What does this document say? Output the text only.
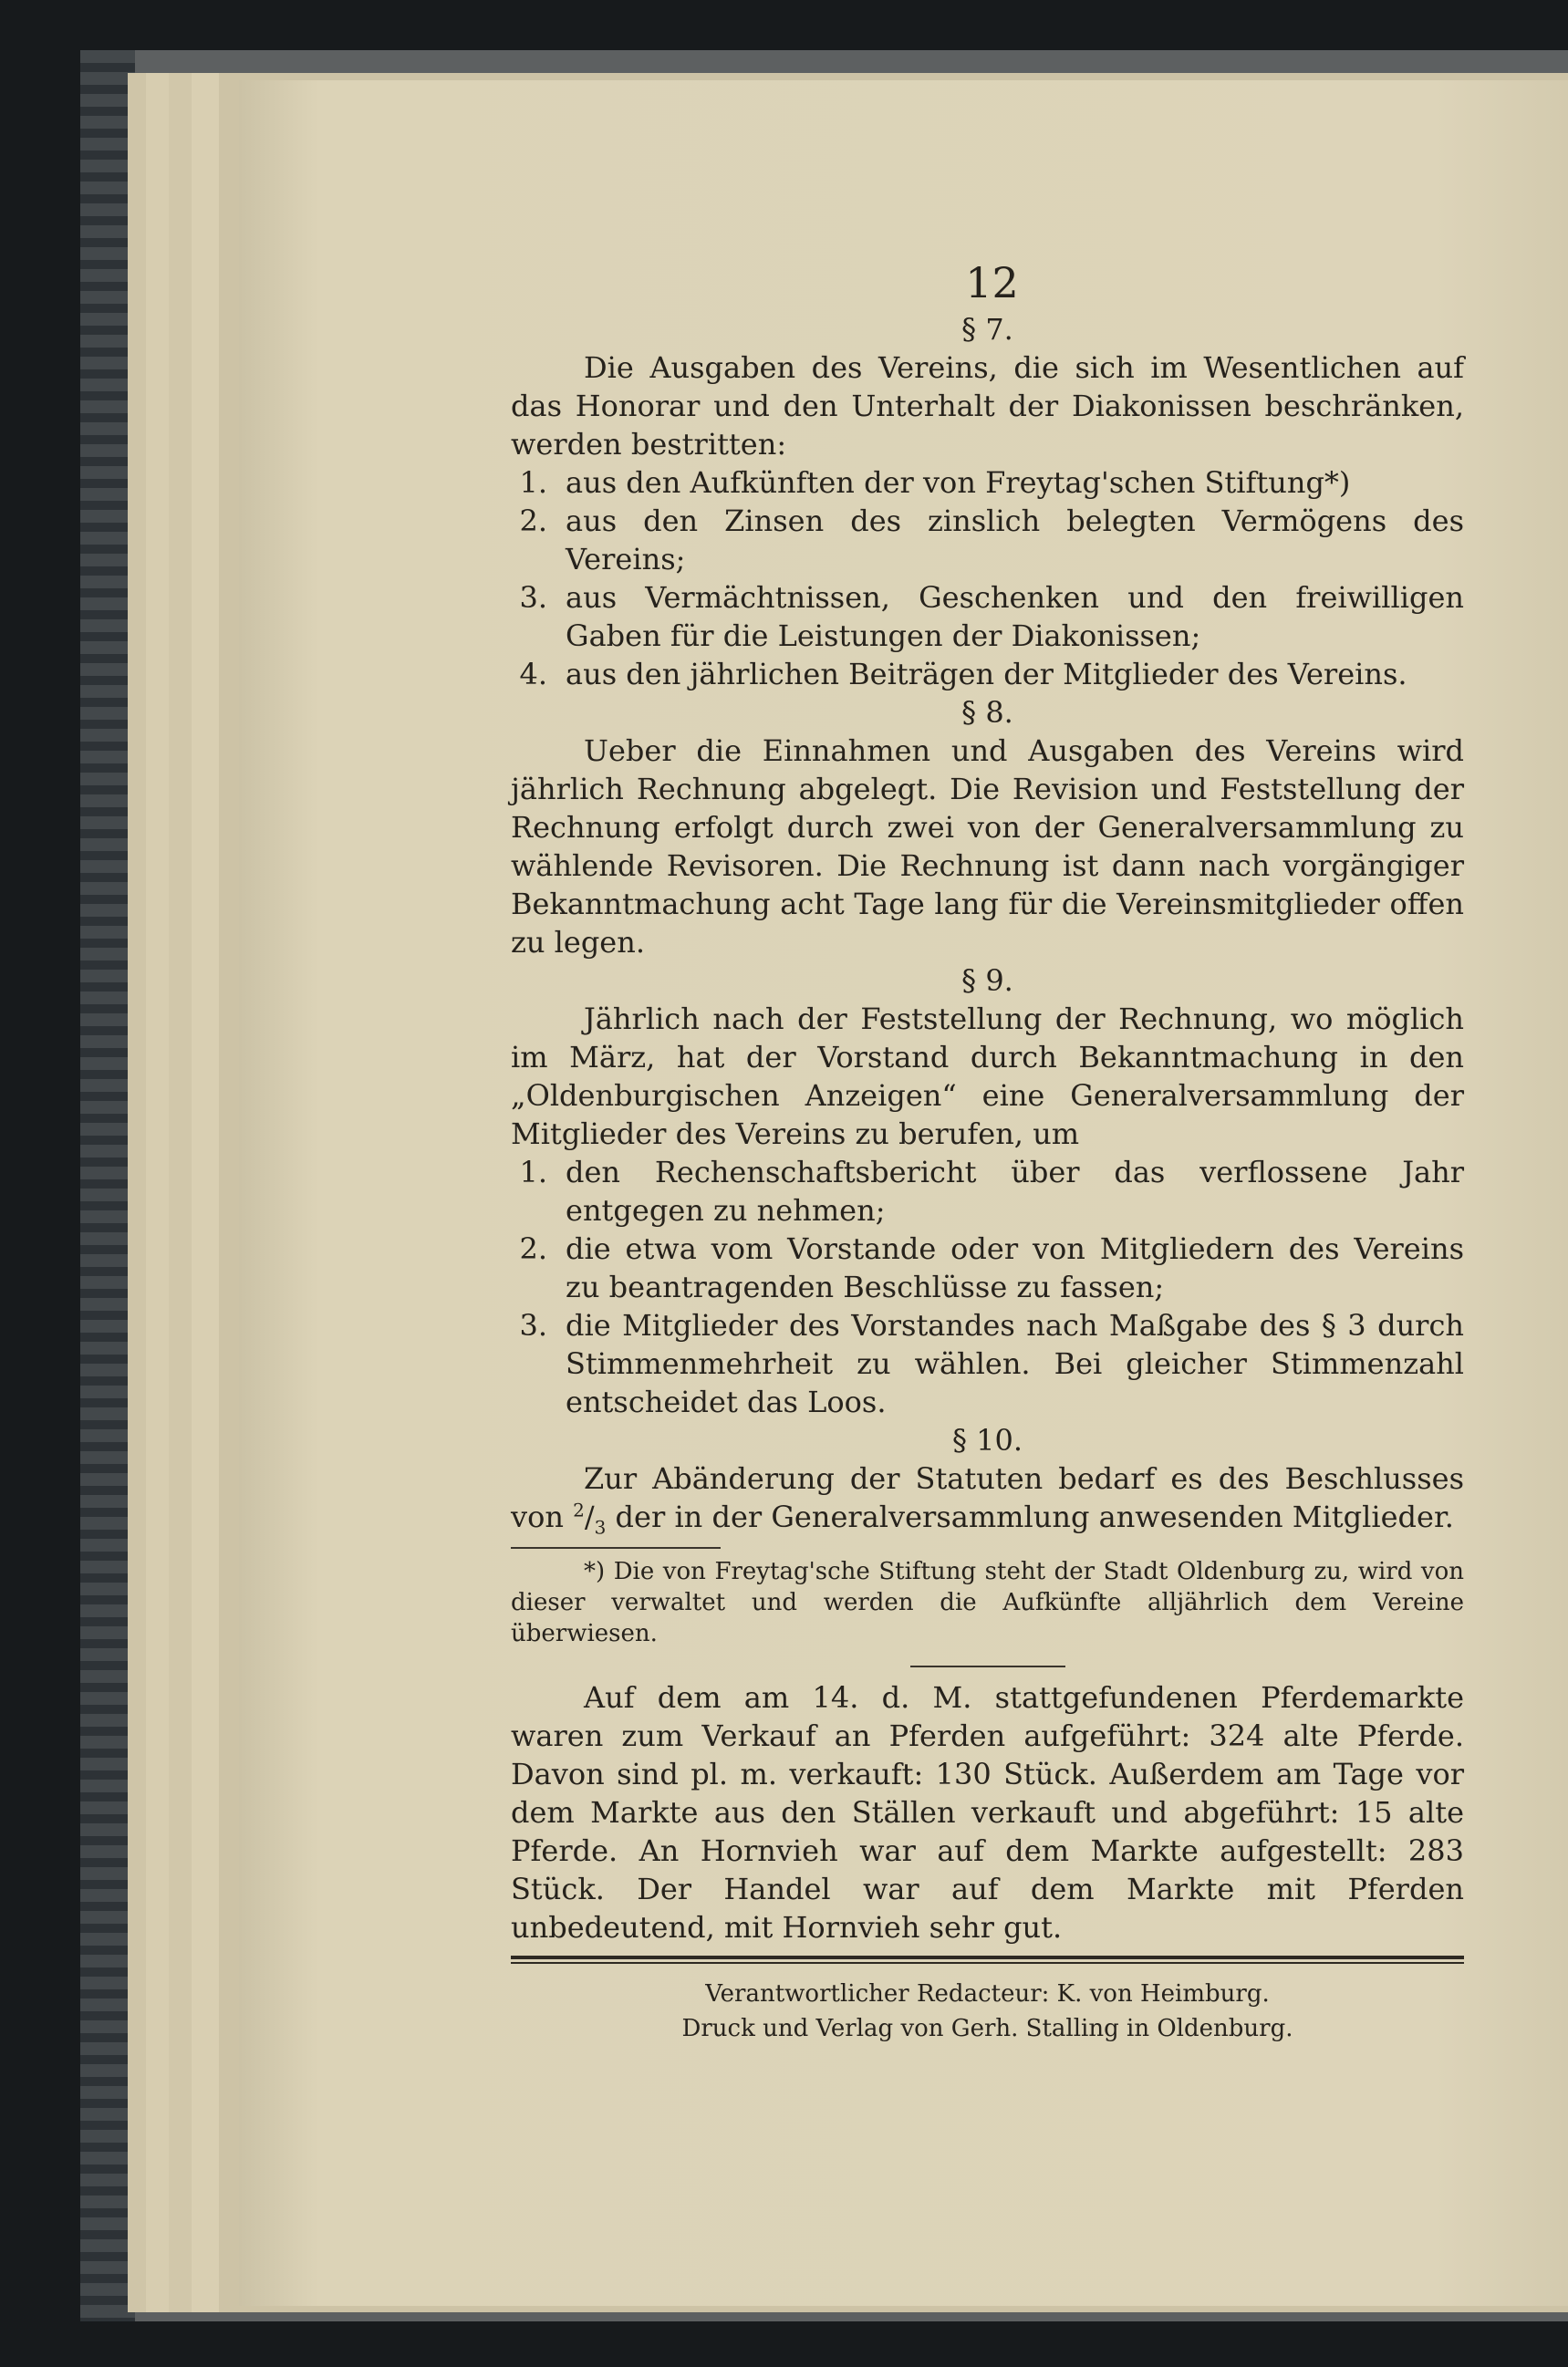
12
§ 7.

Die Ausgaben des Vereins, die sich im Wesentlichen auf das Honorar und den Unterhalt der Diakonissen beschränken, werden bestritten:

1. aus den Aufkünften der von Freytag'schen Stiftung*)
2. aus den Zinsen des zinslich belegten Vermögens des Vereins;
3. aus Vermächtnissen, Geschenken und den freiwilligen Gaben für die Leistungen der Diakonissen;
4. aus den jährlichen Beiträgen der Mitglieder des Vereins.
§ 8.

Ueber die Einnahmen und Ausgaben des Vereins wird jährlich Rechnung abgelegt. Die Revision und Feststellung der Rechnung erfolgt durch zwei von der Generalversammlung zu wählende Revisoren. Die Rechnung ist dann nach vorgängiger Bekanntmachung acht Tage lang für die Vereinsmitglieder offen zu legen.

§ 9.

Jährlich nach der Feststellung der Rechnung, wo möglich im März, hat der Vorstand durch Bekanntmachung in den „Oldenburgischen Anzeigen“ eine Generalversammlung der Mitglieder des Vereins zu berufen, um

1. den Rechenschaftsbericht über das verflossene Jahr entgegen zu nehmen;
2. die etwa vom Vorstande oder von Mitgliedern des Vereins zu beantragenden Beschlüsse zu fassen;
3. die Mitglieder des Vorstandes nach Maßgabe des § 3 durch Stimmenmehrheit zu wählen. Bei gleicher Stimmenzahl entscheidet das Loos.
§ 10.

Zur Abänderung der Statuten bedarf es des Beschlusses von $^2/_3$ der in der Generalversammlung anwesenden Mitglieder.

*) Die von Freytag'sche Stiftung steht der Stadt Oldenburg zu, wird von dieser verwaltet und werden die Aufkünfte alljährlich dem Vereine überwiesen.

Auf dem am 14. d. M. stattgefundenen Pferdemarkte waren zum Verkauf an Pferden aufgeführt: 324 alte Pferde. Davon sind pl. m. verkauft: 130 Stück. Außerdem am Tage vor dem Markte aus den Ställen verkauft und abgeführt: 15 alte Pferde. An Hornvieh war auf dem Markte aufgestellt: 283 Stück. Der Handel war auf dem Markte mit Pferden unbedeutend, mit Hornvieh sehr gut.

Verantwortlicher Redacteur: K. von Heimburg.
Druck und Verlag von Gerh. Stalling in Oldenburg.
